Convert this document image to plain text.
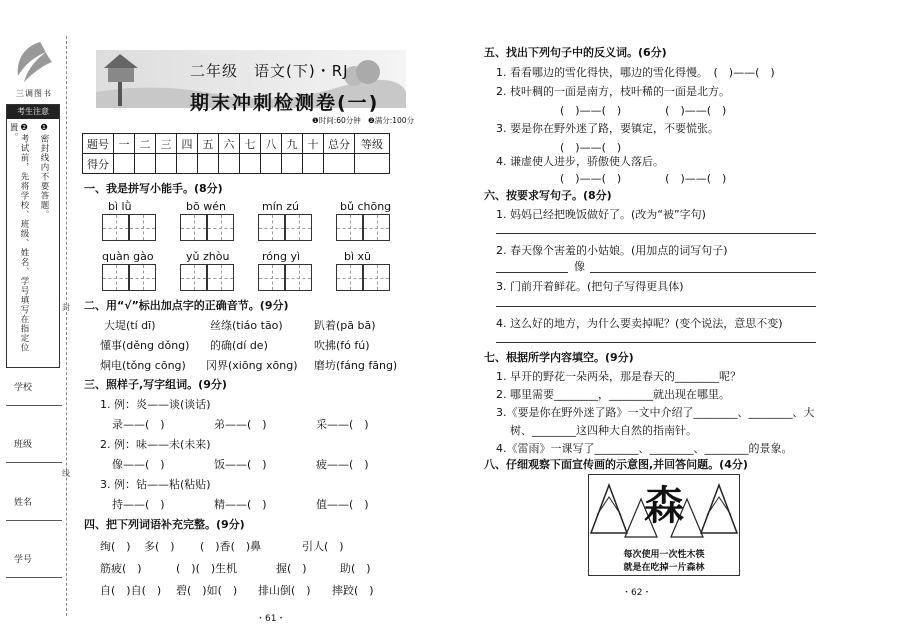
三调图书
考生注意
❶密封线内不要答题。
❷考试前，先将学校、班级、姓名、学号填写在指定位置。
学校
班级
姓名
学号
封
线
二年级　语文(下)・RJ
期末冲刺检测卷(一)
❶时间:60分钟 ❷满分:100分
题号	一	二	三	四	五	六	七	八	九	十	总分	等级
得分												
一、我是拼写小能手。(8分)
bì lǜ	bō wén	mín zú	bǔ chōng
quàn gào	yǔ zhòu	róng yì	bì xū
二、用“√”标出加点字的正确音节。(9分)
大堤(tí dī)	丝绦(tiáo tāo)	趴着(pā bā)
懂事(děng dǒng) 的确(dí de)	吹拂(fó fú)
烔电(tǒng cōng) 冈界(xiōng xōng) 磨坊(fáng fāng)
三、照样子,写字组词。(9分)
1. 例：炎——谈(谈话)
录——(　)	弟——(　)	采——(　)
2. 例：味——未(未来)
像——(　)	饭——(　)	疲——(　)
3. 例：钻——粘(粘贴)
持——(　)	精——(　)	值——(　)
四、把下列词语补充完整。(9分)
绚(　) 多(　) (　)香(　)鼻	引人(　)
筋疲(　)	(　)(　)生机	握(　)	助(　)
自(　)自(　) 碧(　)如(　) 排山倒(　) 摔跤(　)
・61・
五、找出下列句子中的反义词。(6分)
1. 看看哪边的雪化得快，哪边的雪化得慢。　(　)——(　)
2. 枝叶稠的一面是南方，枝叶稀的一面是北方。
(　)——(　)　　　　(　)——(　)
3. 要是你在野外迷了路，要镇定，不要慌张。
(　)——(　)
4. 谦虚使人进步，骄傲使人落后。
(　)——(　)　　　　(　)——(　)
六、按要求写句子。(8分)
1. 妈妈已经把晚饭做好了。(改为“被”字句)
2. 春天像个害羞的小姑娘。(用加点的词写句子)
像
3. 门前开着鲜花。(把句子写得更具体)
4. 这么好的地方，为什么要卖掉呢？(变个说法，意思不变)
七、根据所学内容填空。(9分)
1. 早开的野花一朵两朵，那是春天的________呢？
2. 哪里需要________，________就出现在哪里。
3.《要是你在野外迷了路》一文中介绍了________、________、大
树、________这四种大自然的指南针。
4.《雷雨》一课写了________、________、________的景象。
八、仔细观察下面宣传画的示意图,并回答问题。(4分)
森
每次使用一次性木筷
就是在吃掉一片森林
・62・
